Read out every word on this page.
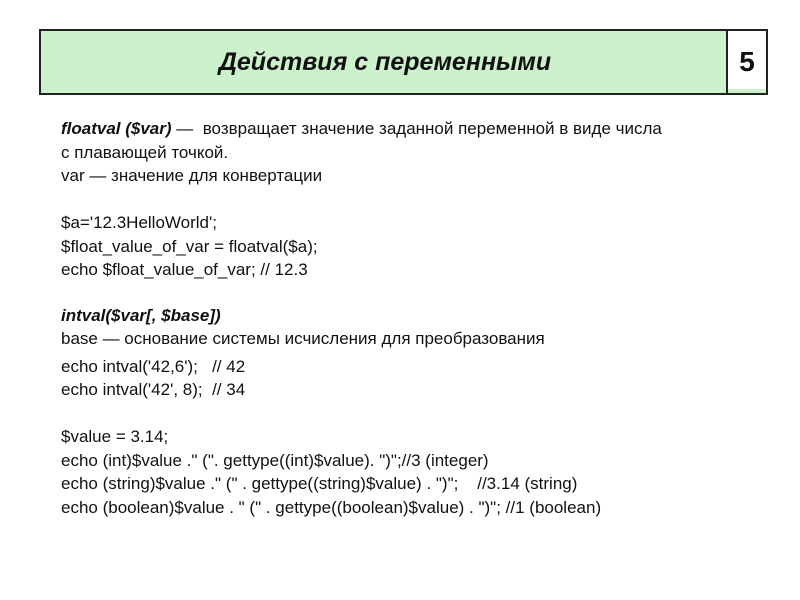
Действия с переменными	5
floatval ($var) —  возвращает значение заданной переменной в виде числа
с плавающей точкой.
var — значение для конвертации
$a='12.3HelloWorld';
$float_value_of_var = floatval($a);
echo $float_value_of_var; // 12.3
intval($var[, $base])
base — основание системы исчисления для преобразования
echo intval('42,6');   // 42
echo intval('42', 8);  // 34
$value = 3.14;
echo (int)$value ." (". gettype((int)$value). ")";//3 (integer)
echo (string)$value ." (" . gettype((string)$value) . ")";    //3.14 (string)
echo (boolean)$value . " (" . gettype((boolean)$value) . ")"; //1 (boolean)
